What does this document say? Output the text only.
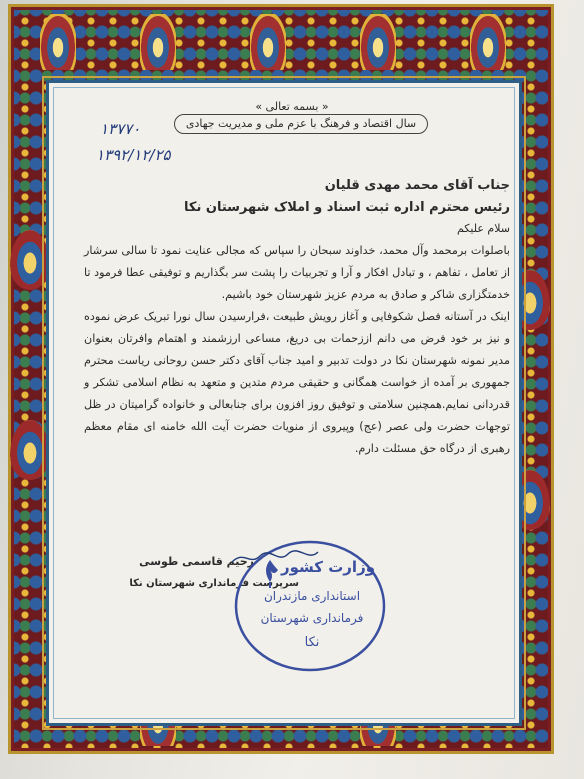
« بسمه تعالی »
سال اقتصاد و فرهنگ با عزم ملی و مدیریت جهادی
۱۳۷۷۰
۱۳۹۲/۱۲/۲۵
جناب آقای محمد مهدی قلیان
رئیس محترم اداره ثبت اسناد و املاک شهرستان نکا
سلام علیکم

باصلوات برمحمد وآل محمد، خداوند سبحان را سپاس که مجالی عنایت نمود تا سالی سرشار از تعامل ، تفاهم ، و تبادل افکار و آرا و تجربیات را پشت سر بگذاریم و توفیقی عطا فرمود تا خدمتگزاری شاکر و صادق به مردم عزیز شهرستان خود باشیم.

اینک در آستانه فصل شکوفایی و آغاز رویش طبیعت ،فرارسیدن سال نورا تبریک عرض نموده و نیز بر خود فرض می دانم اززحمات بی دریغ، مساعی ارزشمند و اهتمام وافرتان بعنوان مدیر نمونه شهرستان نکا در دولت تدبیر و امید جناب آقای دکتر حسن روحانی ریاست محترم جمهوری بر آمده از خواست همگانی و حقیقی مردم متدین و متعهد به نظام اسلامی تشکر و قدردانی نمایم.همچنین سلامتی و توفیق روز افزون برای جنابعالی و خانواده گرامیتان در ظل توجهات حضرت ولی عصر (عج) وپیروی از منویات حضرت آیت الله خامنه ای مقام معظم رهبری از درگاه حق مسئلت دارم.

رحیم قاسمی طوسی
سرپرست فرمانداری شهرستان نکا
وزارت کشور
استانداری مازندران
فرمانداری شهرستان
نکا
